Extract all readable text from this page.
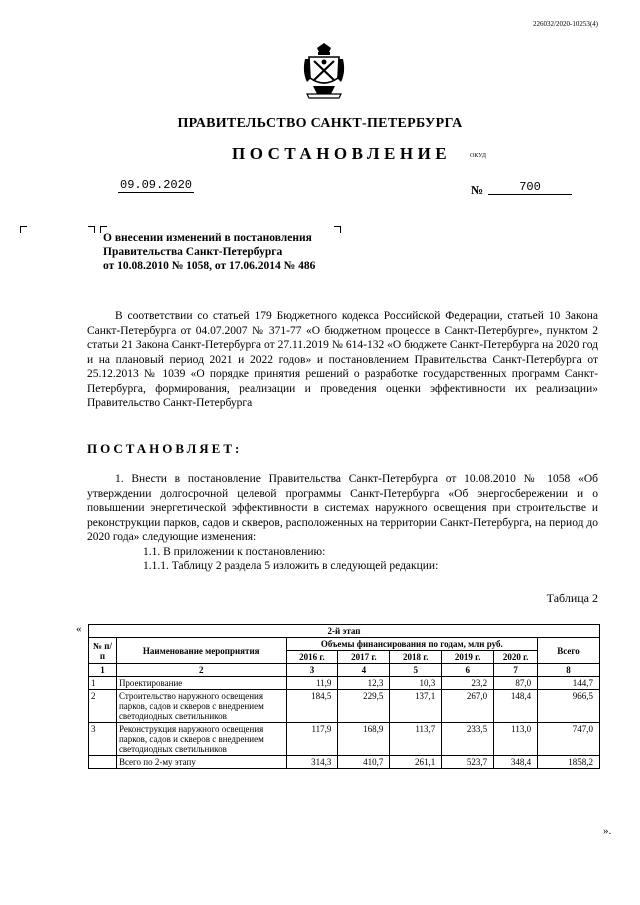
226032/2020-10253(4)
ПРАВИТЕЛЬСТВО САНКТ-ПЕТЕРБУРГА
ПОСТАНОВЛЕНИЕ	ОКУД
09.09.2020	№	700
О внесении изменений в постановления
Правительства Санкт-Петербурга
от 10.08.2010 № 1058, от 17.06.2014 № 486
В соответствии со статьей 179 Бюджетного кодекса Российской Федерации, статьей 10 Закона Санкт-Петербурга от 04.07.2007 № 371-77 «О бюджетном процессе в Санкт-Петербурге», пунктом 2 статьи 21 Закона Санкт-Петербурга от 27.11.2019 № 614-132 «О бюджете Санкт-Петербурга на 2020 год и на плановый период 2021 и 2022 годов» и постановлением Правительства Санкт-Петербурга от 25.12.2013 № 1039 «О порядке принятия решений о разработке государственных программ Санкт-Петербурга, формирования, реализации и проведения оценки эффективности их реализации» Правительство Санкт-Петербурга
ПОСТАНОВЛЯЕТ:
1. Внести в постановление Правительства Санкт-Петербурга от 10.08.2010 № 1058 «Об утверждении долгосрочной целевой программы Санкт-Петербурга «Об энергосбережении и о повышении энергетической эффективности в системах наружного освещения при строительстве и реконструкции парков, садов и скверов, расположенных на территории Санкт-Петербурга, на период до 2020 года» следующие изменения:
1.1. В приложении к постановлению:
1.1.1. Таблицу 2 раздела 5 изложить в следующей редакции:
Таблица 2
«	2-й этап							
№ п/п	Наименование мероприятия	Объемы финансирования по годам, млн руб.					Всего
		2016 г.	2017 г.	2018 г.	2019 г.	2020 г.	
1	2	3	4	5	6	7	8
1	Проектирование	11,9	12,3	10,3	23,2	87,0	144,7
2	Строительство наружного освещения парков, садов и скверов с внедрением светодиодных светильников	184,5	229,5	137,1	267,0	148,4	966,5
3	Реконструкция наружного освещения парков, садов и скверов с внедрением светодиодных светильников	117,9	168,9	113,7	233,5	113,0	747,0
	Всего по 2-му этапу	314,3	410,7	261,1	523,7	348,4	1858,2
».
